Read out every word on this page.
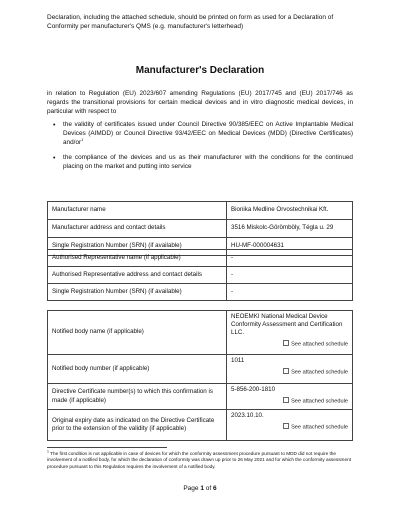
Declaration, including the attached schedule, should be printed on form as used for a Declaration of Conformity per manufacturer's QMS (e.g. manufacturer's letterhead)
Manufacturer's Declaration
in relation to Regulation (EU) 2023/607 amending Regulations (EU) 2017/745 and (EU) 2017/746 as regards the transitional provisions for certain medical devices and in vitro diagnostic medical devices, in particular with respect to
• the validity of certificates issued under Council Directive 90/385/EEC on Active Implantable Medical Devices (AIMDD) or Council Directive 93/42/EEC on Medical Devices (MDD) (Directive Certificates) and/$or^1$
• the compliance of the devices and us as their manufacturer with the conditions for the continued placing on the market and putting into service
Manufacturer name	Bionika Medline Orvostechnikai Kft.
Manufacturer address and contact details	3516 Miskolc-Görömböly, Tégla u. 29
Single Registration Number (SRN) (if available)	HU-MF-000004631
Authorised Representative name (if applicable)	-
Authorised Representative address and contact details	-
Single Registration Number (SRN) (if available)	-
Notified body name (if applicable)	NEOEMKI National Medical Device Conformity Assessment and Certification LLC.
See attached schedule

Notified body number (if applicable)	1011
See attached schedule

Directive Certificate number(s) to which this confirmation is made (if applicable)	5-856-200-1810
See attached schedule

Original expiry date as indicated on the Directive Certificate prior to the extension of the validity (if applicable)	2023.10.10.
See attached schedule
$^1$ The first condition is not applicable in case of devices for which the conformity assessment procedure pursuant to MDD did not require the involvement of a notified body, for which the declaration of conformity was drawn up prior to 26 May 2021 and for which the conformity assessment procedure pursuant to this Regulation requires the involvement of a notified body.
Page 1 of 6
